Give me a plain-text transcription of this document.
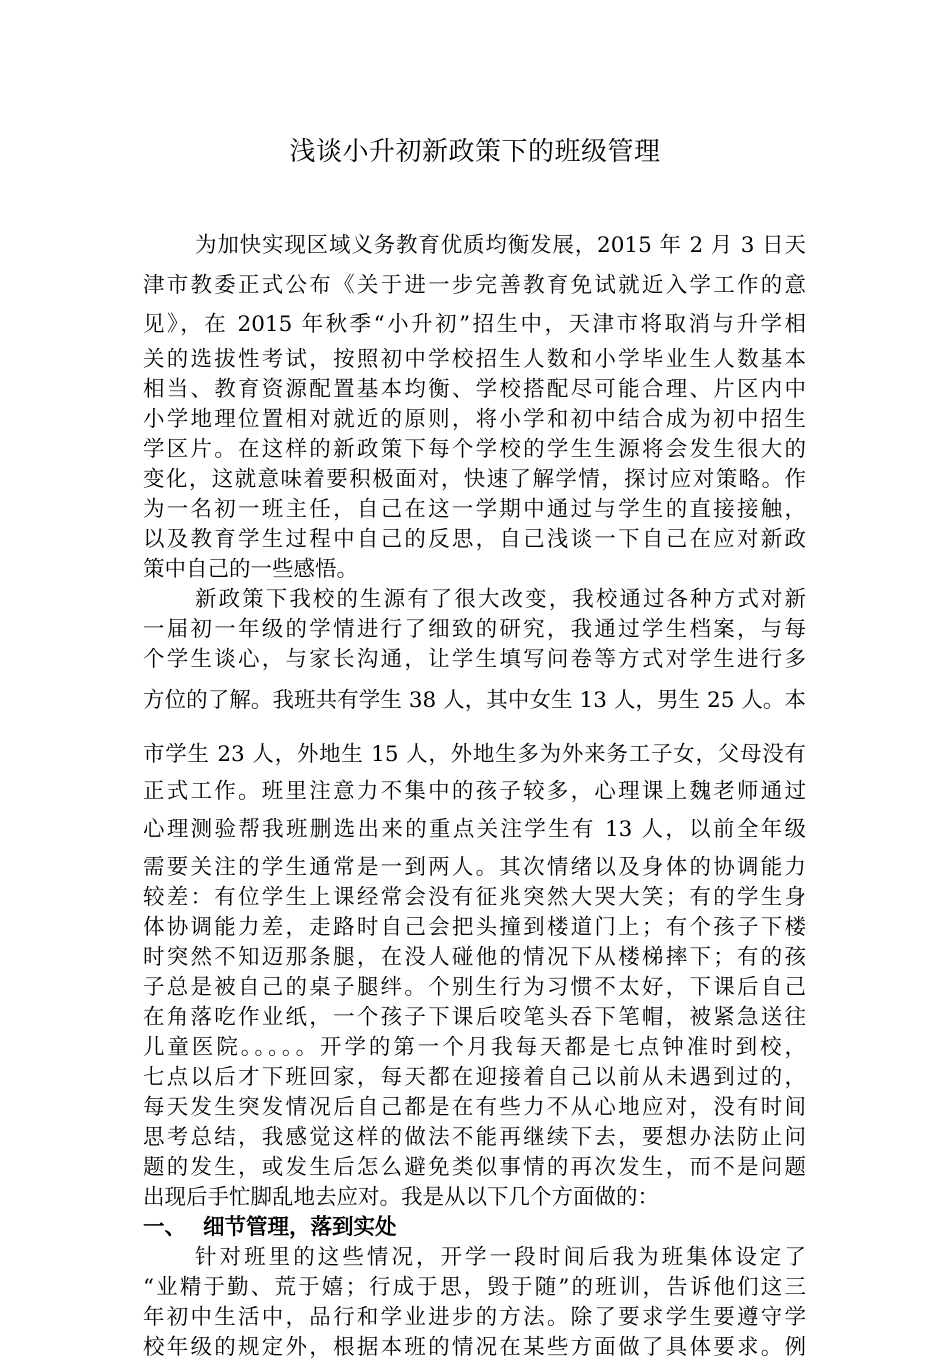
浅谈小升初新政策下的班级管理
为加快实现区域义务教育优质均衡发展，2015 年 2 月 3 日天
津市教委正式公布《关于进一步完善教育免试就近入学工作的意
见》，在 2015 年秋季“小升初”招生中，天津市将取消与升学相
关的选拔性考试，按照初中学校招生人数和小学毕业生人数基本
相当、教育资源配置基本均衡、学校搭配尽可能合理、片区内中
小学地理位置相对就近的原则，将小学和初中结合成为初中招生
学区片。在这样的新政策下每个学校的学生生源将会发生很大的
变化，这就意味着要积极面对，快速了解学情，探讨应对策略。作
为一名初一班主任，自己在这一学期中通过与学生的直接接触，
以及教育学生过程中自己的反思，自己浅谈一下自己在应对新政
策中自己的一些感悟。
新政策下我校的生源有了很大改变，我校通过各种方式对新
一届初一年级的学情进行了细致的研究，我通过学生档案，与每
个学生谈心，与家长沟通，让学生填写问卷等方式对学生进行多
方位的了解。我班共有学生 38 人，其中女生 13 人，男生 25 人。本
市学生 23 人，外地生 15 人，外地生多为外来务工子女，父母没有
正式工作。班里注意力不集中的孩子较多，心理课上魏老师通过
心理测验帮我班删选出来的重点关注学生有 13 人，以前全年级
需要关注的学生通常是一到两人。其次情绪以及身体的协调能力
较差：有位学生上课经常会没有征兆突然大哭大笑；有的学生身
体协调能力差，走路时自己会把头撞到楼道门上；有个孩子下楼
时突然不知迈那条腿，在没人碰他的情况下从楼梯摔下；有的孩
子总是被自己的桌子腿绊。个别生行为习惯不太好，下课后自己
在角落吃作业纸，一个孩子下课后咬笔头吞下笔帽，被紧急送往
儿童医院。。。。。开学的第一个月我每天都是七点钟准时到校，
七点以后才下班回家，每天都在迎接着自己以前从未遇到过的，
每天发生突发情况后自己都是在有些力不从心地应对，没有时间
思考总结，我感觉这样的做法不能再继续下去，要想办法防止问
题的发生，或发生后怎么避免类似事情的再次发生，而不是问题
出现后手忙脚乱地去应对。我是从以下几个方面做的：
一、 细节管理，落到实处
针对班里的这些情况，开学一段时间后我为班集体设定了
“业精于勤、荒于嬉；行成于思，毁于随”的班训，告诉他们这三
年初中生活中，品行和学业进步的方法。除了要求学生要遵守学
校年级的规定外，根据本班的情况在某些方面做了具体要求。例
